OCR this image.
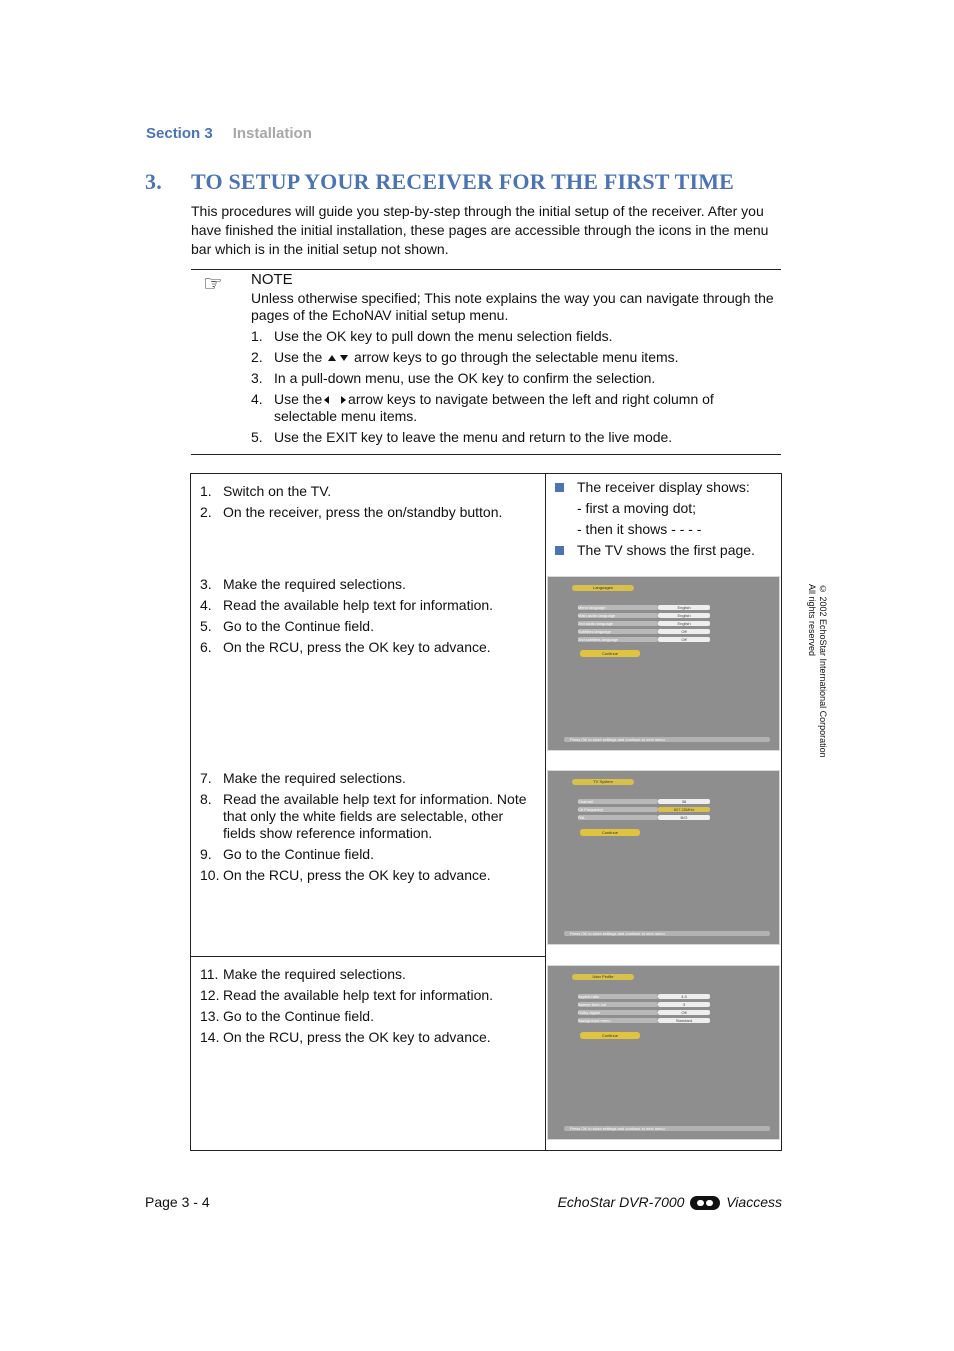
Section 3 Installation
3. TO SETUP YOUR RECEIVER FOR THE FIRST TIME
This procedures will guide you step-by-step through the initial setup of the receiver. After you have finished the initial installation, these pages are accessible through the icons in the menu bar which is in the initial setup not shown.
☞ NOTE
Unless otherwise specified; This note explains the way you can navigate through the pages of the EchoNAV initial setup menu.
1. Use the OK key to pull down the menu selection fields.
2. Use the arrow keys to go through the selectable menu items.
3. In a pull-down menu, use the OK key to confirm the selection.
4. Use the arrow keys to navigate between the left and right column of selectable menu items.
5. Use the EXIT key to leave the menu and return to the live mode.
1. Switch on the TV.
2. On the receiver, press the on/standby button.
3. Make the required selections.
4. Read the available help text for information.
5. Go to the Continue field.
6. On the RCU, press the OK key to advance.
7. Make the required selections.
8. Read the available help text for information. Note that only the white fields are selectable, other fields show reference information.
9. Go to the Continue field.
10. On the RCU, press the OK key to advance.
11. Make the required selections.
12. Read the available help text for information.
13. Go to the Continue field.
14. On the RCU, press the OK key to advance.
The receiver display shows:
- first a moving dot;
- then it shows - - - -
The TV shows the first page.
Languages
Menu language	English
Main audio language	English
2nd audio language	English
Subtitles language	Off
2nd subtitles language	Off
Continue
Press OK to store settings and continue to next menu
TV System
Channel	38
Ch Frequency	607.25MHz
PAL	B/G
Continue
Press OK to store settings and continue to next menu
User Profile
Aspect ratio	4:3
Banner time out	3
Dolby digital	Off
Background menu	Standard
Continue
Press OK to store settings and continue to next menu
© 2002 EchoStar International Corporation
All rights reserved
Page 3 - 4	EchoStar DVR-7000	Viaccess
